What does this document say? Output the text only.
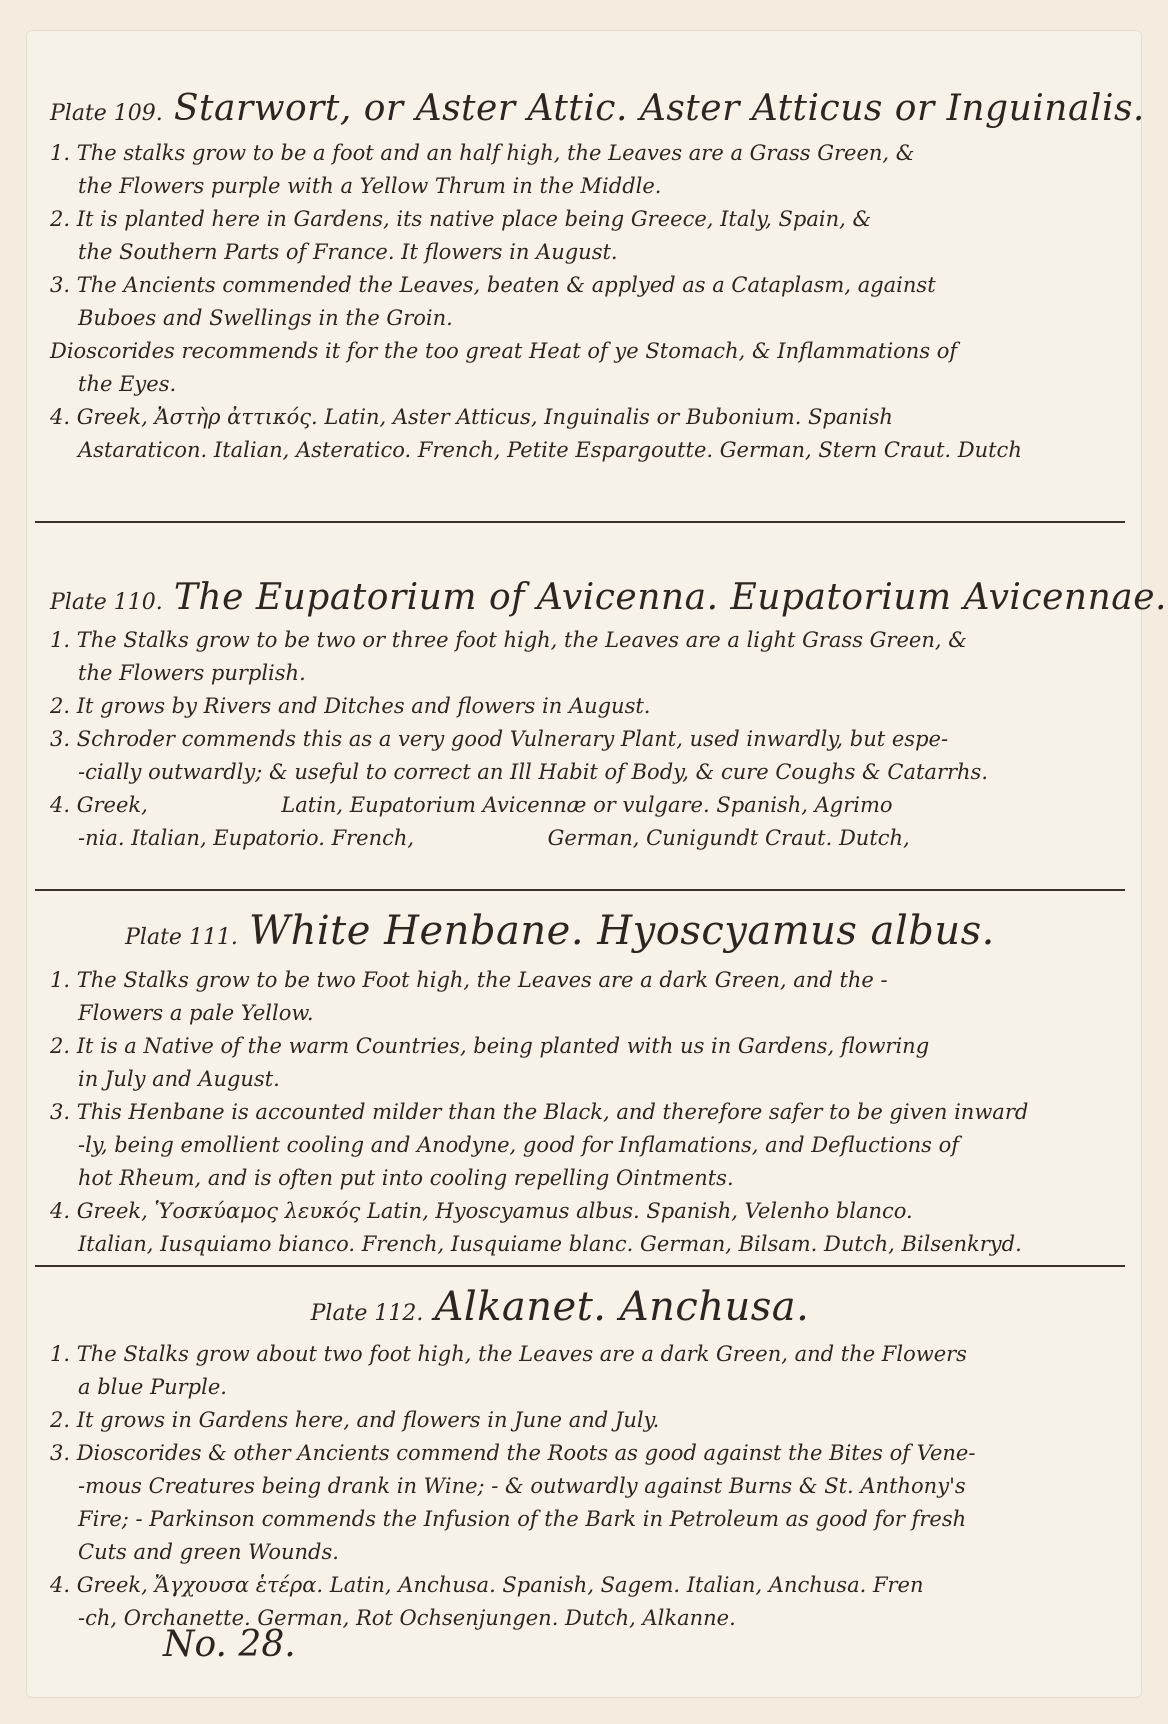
Plate 109. Starwort, or Aster Attic. Aster Atticus or Inguinalis.

1. The stalks grow to be a foot and an half high, the Leaves are a Grass Green, &
the Flowers purple with a Yellow Thrum in the Middle.

2. It is planted here in Gardens, its native place being Greece, Italy, Spain, &
the Southern Parts of France. It flowers in August.

3. The Ancients commended the Leaves, beaten & applyed as a Cataplasm, against
Buboes and Swellings in the Groin.

Dioscorides recommends it for the too great Heat of ye Stomach, & Inflammations of
the Eyes.

4. Greek, Ἀστὴρ ἀττικός. Latin, Aster Atticus, Inguinalis or Bubonium. Spanish
Astaraticon. Italian, Asteratico. French, Petite Espargoutte. German, Stern Craut. Dutch

Plate 110. The Eupatorium of Avicenna. Eupatorium Avicennae.

1. The Stalks grow to be two or three foot high, the Leaves are a light Grass Green, &
the Flowers purplish.

2. It grows by Rivers and Ditches and flowers in August.

3. Schroder commends this as a very good Vulnerary Plant, used inwardly, but espe-
-cially outwardly; & useful to correct an Ill Habit of Body, & cure Coughs & Catarrhs.

4. Greek,                    Latin, Eupatorium Avicennæ or vulgare. Spanish, Agrimo
-nia. Italian, Eupatorio. French,                    German, Cunigundt Craut. Dutch,

Plate 111. White Henbane. Hyoscyamus albus.

1. The Stalks grow to be two Foot high, the Leaves are a dark Green, and the -
Flowers a pale Yellow.

2. It is a Native of the warm Countries, being planted with us in Gardens, flowring
in July and August.

3. This Henbane is accounted milder than the Black, and therefore safer to be given inward
-ly, being emollient cooling and Anodyne, good for Inflamations, and Defluctions of
hot Rheum, and is often put into cooling repelling Ointments.

4. Greek, Ὑοσκύαμος λευκός Latin, Hyoscyamus albus. Spanish, Velenho blanco.
Italian, Iusquiamo bianco. French, Iusquiame blanc. German, Bilsam. Dutch, Bilsenkryd.

Plate 112. Alkanet. Anchusa.

1. The Stalks grow about two foot high, the Leaves are a dark Green, and the Flowers
a blue Purple.

2. It grows in Gardens here, and flowers in June and July.

3. Dioscorides & other Ancients commend the Roots as good against the Bites of Vene-
-mous Creatures being drank in Wine; - & outwardly against Burns & St. Anthony's
Fire; - Parkinson commends the Infusion of the Bark in Petroleum as good for fresh
Cuts and green Wounds.

4. Greek, Ἄγχουσα ἑτέρα. Latin, Anchusa. Spanish, Sagem. Italian, Anchusa. Fren
-ch, Orchanette. German, Rot Ochsenjungen. Dutch, Alkanne.

No. 28.
